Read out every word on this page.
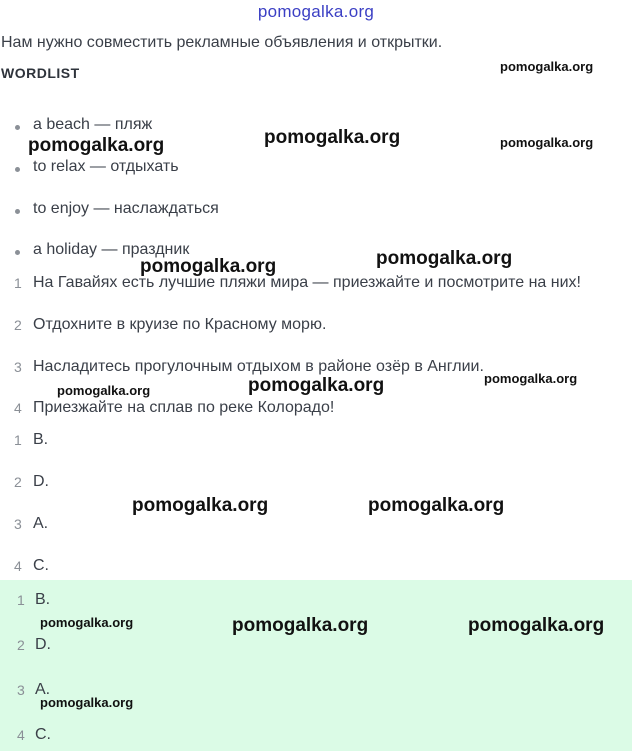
pomogalka.org
Нам нужно совместить рекламные объявления и открытки.
WORDLIST
a beach — пляж
to relax — отдыхать
to enjoy — наслаждаться
a holiday — праздник
1 На Гавайях есть лучшие пляжи мира — приезжайте и посмотрите на них!
2 Отдохните в круизе по Красному морю.
3 Насладитесь прогулочным отдыхом в районе озёр в Англии.
4 Приезжайте на сплав по реке Колорадо!
1 B.
2 D.
3 A.
4 C.
1 B.
2 D.
3 A.
4 C.
pomogalka.org
pomogalka.org
pomogalka.org	pomogalka.org
pomogalka.org
pomogalka.org
pomogalka.org
pomogalka.org
pomogalka.org
pomogalka.org	pomogalka.org
pomogalka.org	pomogalka.org	pomogalka.org
pomogalka.org
